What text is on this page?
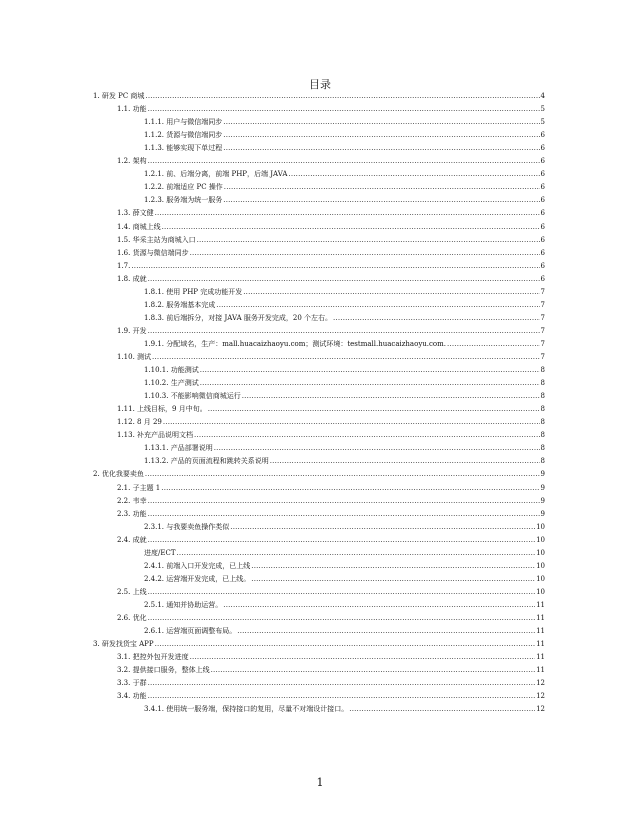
目录
1. 研发 PC 商城 .....	4
1.1. 功能 .....	5
1.1.1. 用户与微信端同步 .....	5
1.1.2. 货源与微信端同步 .....	6
1.1.3. 能够实现下单过程 .....	6
1.2. 架构 .....	6
1.2.1. 前、后端分离，前端 PHP，后端 JAVA .....	6
1.2.2. 前端适应 PC 操作 .....	6
1.2.3. 服务端为统一服务 .....	6
1.3. 薛文健 .....	6
1.4. 商城上线 .....	6
1.5. 华采主站为商城入口 .....	6
1.6. 货源与微信端同步 .....	6
1.7. .....	6
1.8. 成就 .....	6
1.8.1. 使用 PHP 完成功能开发 .....	7
1.8.2. 服务端基本完成 .....	7
1.8.3. 前后端拆分，对接 JAVA 服务开发完成，20 个左右。 .....	7
1.9. 开发 .....	7
1.9.1. 分配域名，生产：mall.huacaizhaoyu.com；测试环境：testmall.huacaizhaoyu.com. .....	7
1.10. 测试 .....	7
1.10.1. 功能测试 .....	8
1.10.2. 生产测试 .....	8
1.10.3. 不能影响微信商城运行 .....	8
1.11. 上线目标，9 月中旬。 .....	8
1.12. 8 月 29 .....	8
1.13. 补充产品说明文档 .....	8
1.13.1. 产品部署说明 .....	8
1.13.2. 产品的页面流程和跳转关系说明 .....	8
2. 优化我要卖鱼 .....	9
2.1. 子主题 1 .....	9
2.2. 韦幸 .....	9
2.3. 功能 .....	9
2.3.1. 与我要卖鱼操作类似 .....	10
2.4. 成就 .....	10
进度/ECT .....	10
2.4.1. 前端入口开发完成，已上线 .....	10
2.4.2. 运营端开发完成，已上线。 .....	10
2.5. 上线 .....	10
2.5.1. 通知并协助运营。 .....	11
2.6. 优化 .....	11
2.6.1. 运营端页面调整布局。 .....	11
3. 研发找货宝 APP .....	11
3.1. 把控外包开发进度 .....	11
3.2. 提供接口服务，整体上线 .....	11
3.3. 于群 .....	12
3.4. 功能 .....	12
3.4.1. 使用统一服务端，保持接口的复用，尽量不对端设计接口。 .....	12
1
